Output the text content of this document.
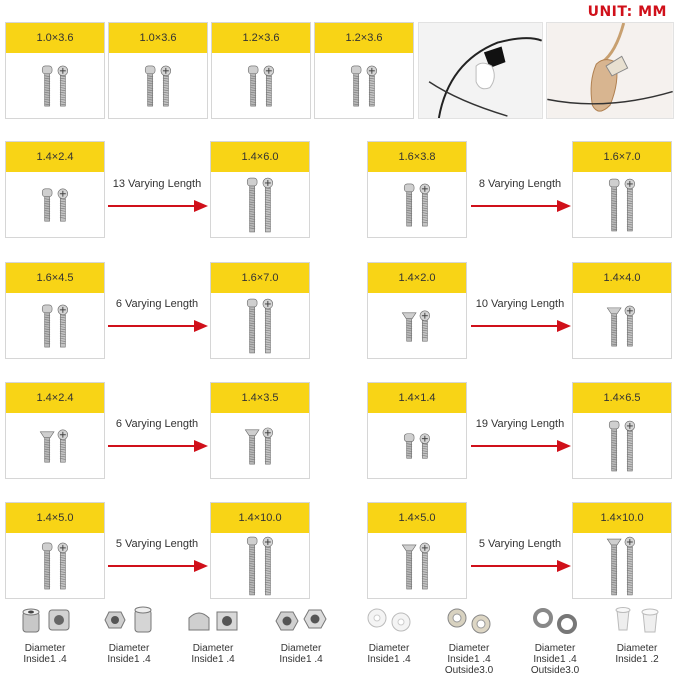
UNIT: MM
1.0×3.6	1.0×3.6	1.2×3.6	1.2×3.6
1.4×2.4
13 Varying Length
1.4×6.0	1.6×3.8
8 Varying Length
1.6×7.0
1.6×4.5
6 Varying Length
1.6×7.0	1.4×2.0
10 Varying Length
1.4×4.0
1.4×2.4
6 Varying Length
1.4×3.5	1.4×1.4
19 Varying Length
1.4×6.5
1.4×5.0
5 Varying Length
1.4×10.0	1.4×5.0
5 Varying Length
1.4×10.0
Diameter
Inside1 .4
Diameter
Inside1 .4
Diameter
Inside1 .4
Diameter
Inside1 .4
Diameter
Inside1 .4
Diameter
Inside1 .4
Outside3.0
Diameter
Inside1 .4
Outside3.0
Diameter
Inside1 .2
